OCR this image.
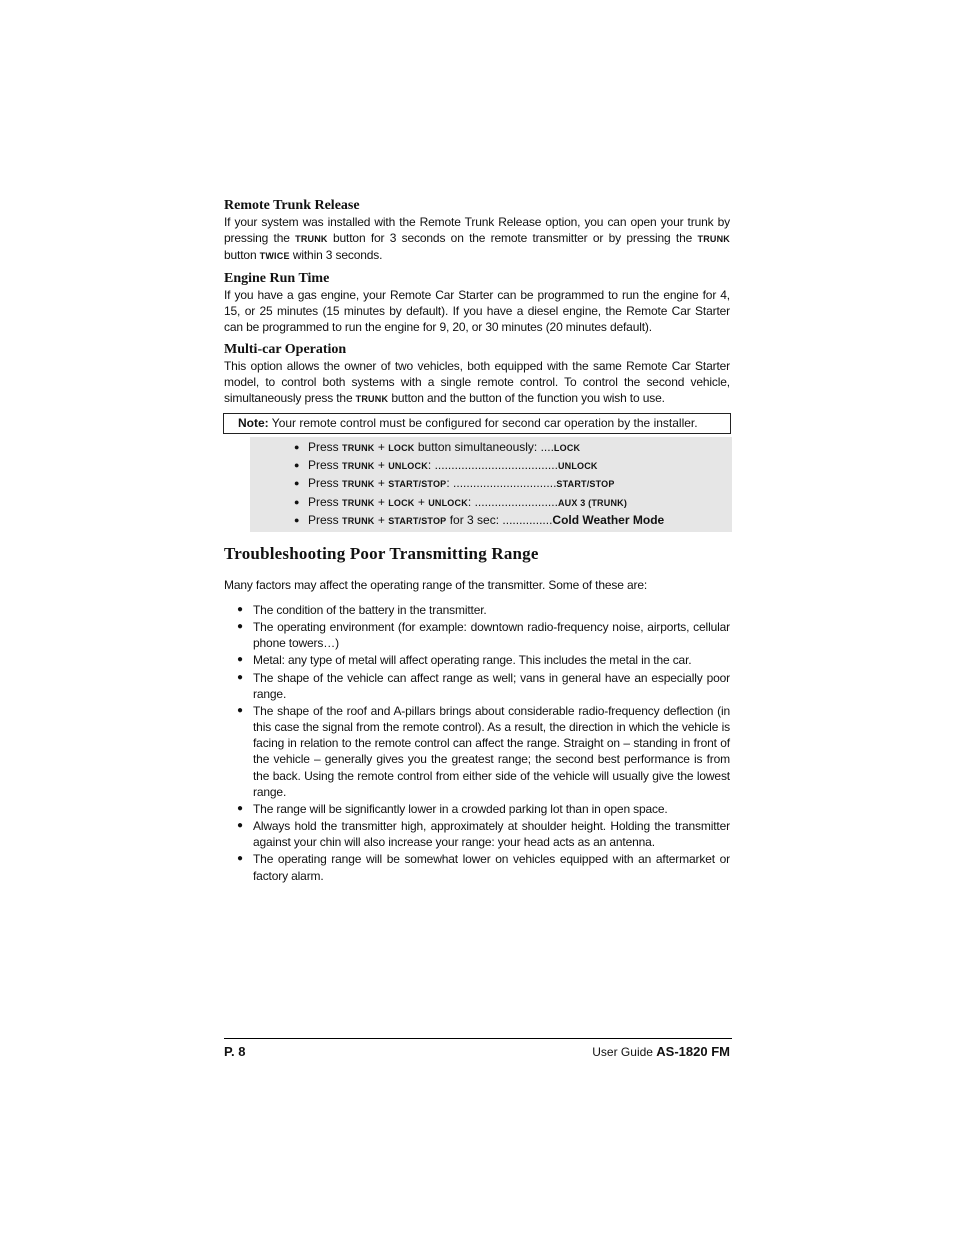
Remote Trunk Release

If your system was installed with the Remote Trunk Release option, you can open your trunk by pressing the TRUNK button for 3 seconds on the remote transmitter or by pressing the TRUNK button TWICE within 3 seconds.

Engine Run Time

If you have a gas engine, your Remote Car Starter can be programmed to run the engine for 4, 15, or 25 minutes (15 minutes by default). If you have a diesel engine, the Remote Car Starter can be programmed to run the engine for 9, 20, or 30 minutes (20 minutes default).

Multi-car Operation

This option allows the owner of two vehicles, both equipped with the same Remote Car Starter model, to control both systems with a single remote control. To control the second vehicle, simultaneously press the TRUNK button and the button of the function you wish to use.

Note: Your remote control must be configured for second car operation by the installer.
● Press TRUNK + LOCK button simultaneously: ....LOCK
● Press TRUNK + UNLOCK: .....................................UNLOCK
● Press TRUNK + START/STOP: ...............................START/STOP
● Press TRUNK + LOCK + UNLOCK: .........................AUX 3 (TRUNK)
● Press TRUNK + START/STOP for 3 sec: ...............Cold Weather Mode
Troubleshooting Poor Transmitting Range

Many factors may affect the operating range of the transmitter. Some of these are:

● The condition of the battery in the transmitter.
● The operating environment (for example: downtown radio-frequency noise, airports, cellular phone towers…)
● Metal: any type of metal will affect operating range. This includes the metal in the car.
● The shape of the vehicle can affect range as well; vans in general have an especially poor range.
● The shape of the roof and A-pillars brings about considerable radio-frequency deflection (in this case the signal from the remote control). As a result, the direction in which the vehicle is facing in relation to the remote control can affect the range. Straight on – standing in front of the vehicle – generally gives you the greatest range; the second best performance is from the back. Using the remote control from either side of the vehicle will usually give the lowest range.
● The range will be significantly lower in a crowded parking lot than in open space.
● Always hold the transmitter high, approximately at shoulder height. Holding the transmitter against your chin will also increase your range: your head acts as an antenna.
● The operating range will be somewhat lower on vehicles equipped with an aftermarket or factory alarm.
P. 8	User Guide AS-1820 FM
